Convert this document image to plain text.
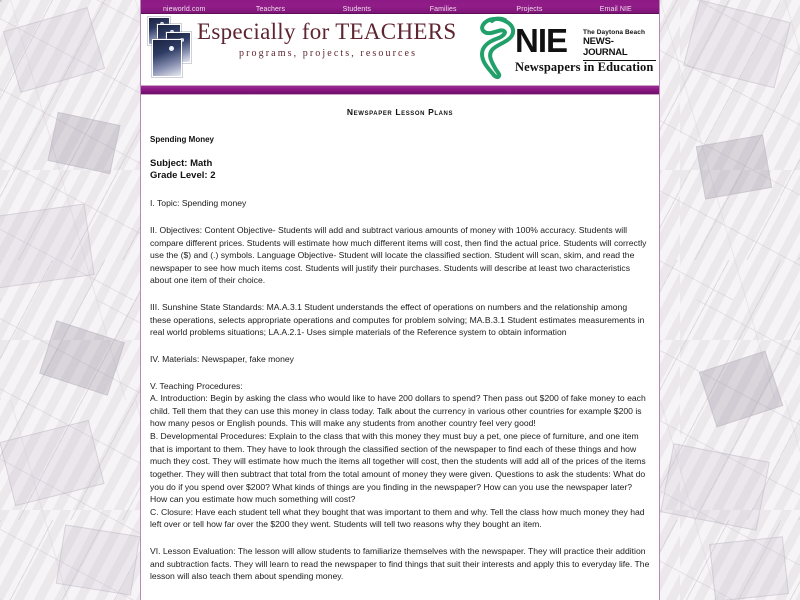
nieworld.com	Teachers	Students	Families	Projects	Email NIE
Especially for TEACHERS
programs, projects, resources	NIE The Daytona Beach
NEWS-JOURNAL
Newspapers in Education
Newspaper Lesson Plans
Spending Money
Subject: Math
Grade Level: 2

I. Topic: Spending money

II. Objectives: Content Objective- Students will add and subtract various amounts of money with 100% accuracy. Students will compare different prices. Students will estimate how much different items will cost, then find the actual price. Students will correctly use the ($) and (.) symbols. Language Objective- Student will locate the classified section. Student will scan, skim, and read the newspaper to see how much items cost. Students will justify their purchases. Students will describe at least two characteristics about one item of their choice.

III. Sunshine State Standards: MA.A.3.1 Student understands the effect of operations on numbers and the relationship among these operations, selects appropriate operations and computes for problem solving; MA.B.3.1 Student estimates measurements in real world problems situations; LA.A.2.1- Uses simple materials of the Reference system to obtain information

IV. Materials: Newspaper, fake money

V. Teaching Procedures:

A. Introduction: Begin by asking the class who would like to have 200 dollars to spend? Then pass out $200 of fake money to each child. Tell them that they can use this money in class today. Talk about the currency in various other countries for example $200 is how many pesos or English pounds. This will make any students from another country feel very good!

B. Developmental Procedures: Explain to the class that with this money they must buy a pet, one piece of furniture, and one item that is important to them. They have to look through the classified section of the newspaper to find each of these things and how much they cost. They will estimate how much the items all together will cost, then the students will add all of the prices of the items together. They will then subtract that total from the total amount of money they were given. Questions to ask the students: What do you do if you spend over $200? What kinds of things are you finding in the newspaper? How can you use the newspaper later? How can you estimate how much something will cost?

C. Closure: Have each student tell what they bought that was important to them and why. Tell the class how much money they had left over or tell how far over the $200 they went. Students will tell two reasons why they bought an item.

VI. Lesson Evaluation: The lesson will allow students to familiarize themselves with the newspaper. They will practice their addition and subtraction facts. They will learn to read the newspaper to find things that suit their interests and apply this to everyday life. The lesson will also teach them about spending money.
